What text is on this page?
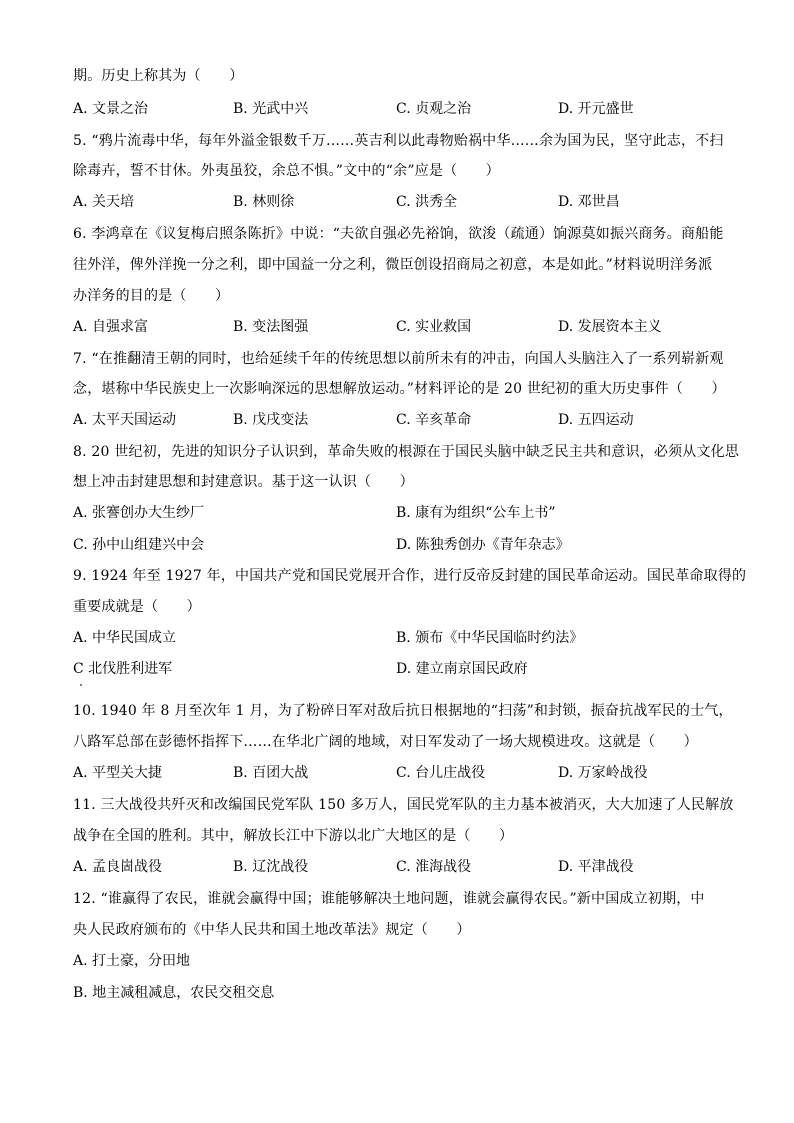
期。历史上称其为（　　）
A. 文景之治	B. 光武中兴	C. 贞观之治	D. 开元盛世
5. “鸦片流毒中华，每年外溢金银数千万……英吉利以此毒物贻祸中华……余为国为民，坚守此志，不扫
除毒卉，誓不甘休。外夷虽狡，余总不惧。”文中的“余”应是（　　）
A. 关天培	B. 林则徐	C. 洪秀全	D. 邓世昌
6. 李鸿章在《议复梅启照条陈折》中说：“夫欲自强必先裕饷，欲浚（疏通）饷源莫如振兴商务。商船能
往外洋，俾外洋挽一分之利，即中国益一分之利，微臣创设招商局之初意，本是如此。”材料说明洋务派
办洋务的目的是（　　）
A. 自强求富	B. 变法图强	C. 实业救国	D. 发展资本主义
7. “在推翻清王朝的同时，也给延续千年的传统思想以前所未有的冲击，向国人头脑注入了一系列崭新观
念，堪称中华民族史上一次影响深远的思想解放运动。”材料评论的是 20 世纪初的重大历史事件（　　）
A. 太平天国运动	B. 戊戌变法	C. 辛亥革命	D. 五四运动
8. 20 世纪初，先进的知识分子认识到，革命失败的根源在于国民头脑中缺乏民主共和意识，必须从文化思
想上冲击封建思想和封建意识。基于这一认识（　　）
A. 张謇创办大生纱厂	B. 康有为组织“公车上书”
C. 孙中山组建兴中会	D. 陈独秀创办《青年杂志》
9. 1924 年至 1927 年，中国共产党和国民党展开合作，进行反帝反封建的国民革命运动。国民革命取得的
重要成就是（　　）
A. 中华民国成立	B. 颁布《中华民国临时约法》
C 北伐胜利进军	D. 建立南京国民政府
10. 1940 年 8 月至次年 1 月，为了粉碎日军对敌后抗日根据地的“扫荡”和封锁，振奋抗战军民的士气，
八路军总部在彭德怀指挥下……在华北广阔的地域，对日军发动了一场大规模进攻。这就是（　　）
A. 平型关大捷	B. 百团大战	C. 台儿庄战役	D. 万家岭战役
11. 三大战役共歼灭和改编国民党军队 150 多万人，国民党军队的主力基本被消灭，大大加速了人民解放
战争在全国的胜利。其中，解放长江中下游以北广大地区的是（　　）
A. 孟良崮战役	B. 辽沈战役	C. 淮海战役	D. 平津战役
12. “谁赢得了农民，谁就会赢得中国；谁能够解决土地问题，谁就会赢得农民。”新中国成立初期，中
央人民政府颁布的《中华人民共和国土地改革法》规定（　　）
A. 打土豪，分田地
B. 地主减租减息，农民交租交息
